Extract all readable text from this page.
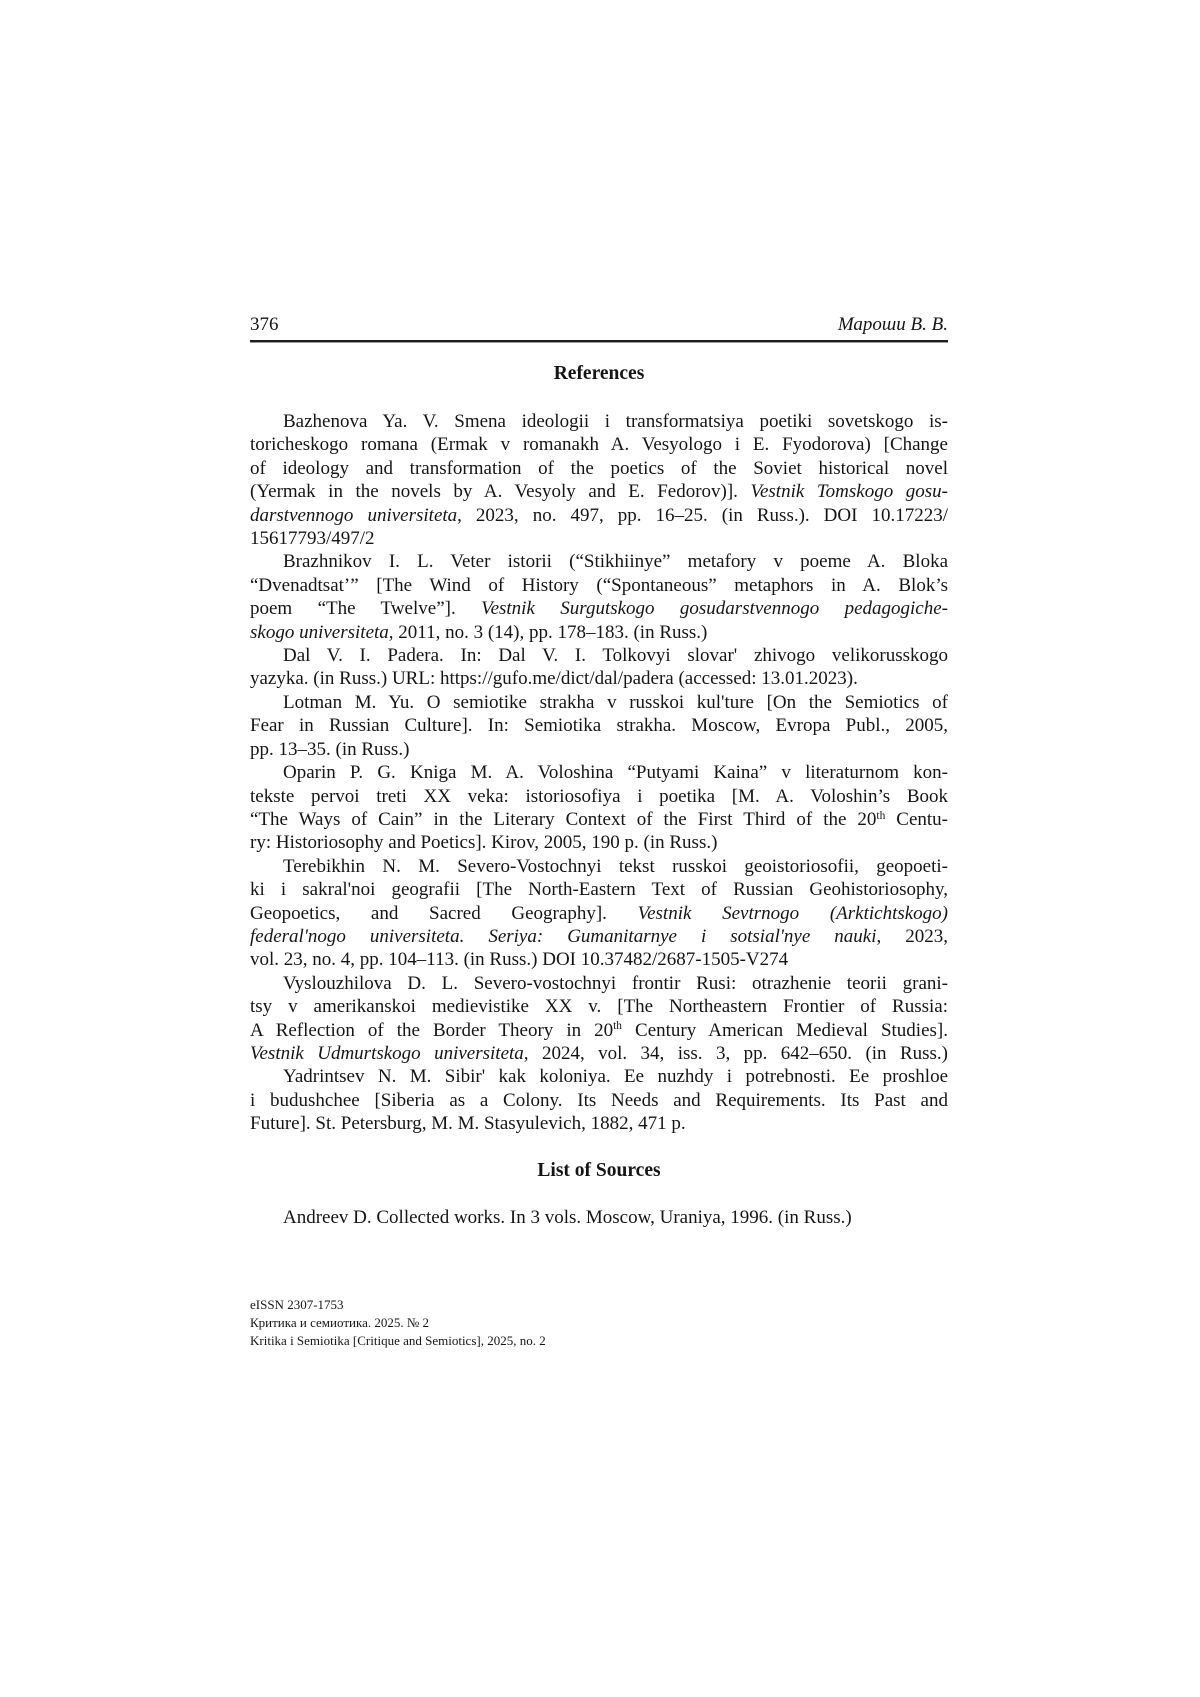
376	Мароши В. В.
References
Bazhenova Ya. V. Smena ideologii i transformatsiya poetiki sovetskogo is-
toricheskogo romana (Ermak v romanakh A. Vesyologo i E. Fyodorova) [Change
of ideology and transformation of the poetics of the Soviet historical novel
(Yermak in the novels by A. Vesyoly and E. Fedorov)]. Vestnik Tomskogo gosu-
darstvennogo universiteta, 2023, no. 497, pp. 16–25. (in Russ.). DOI 10.17223/
15617793/497/2
Brazhnikov I. L. Veter istorii (“Stikhiinye” metafory v poeme A. Bloka
“Dvenadtsat’” [The Wind of History (“Spontaneous” metaphors in A. Blok’s
poem “The Twelve”]. Vestnik Surgutskogo gosudarstvennogo pedagogiche-
skogo universiteta, 2011, no. 3 (14), pp. 178–183. (in Russ.)
Dal V. I. Padera. In: Dal V. I. Tolkovyi slovar' zhivogo velikorusskogo
yazyka. (in Russ.) URL: https://gufo.me/dict/dal/padera (accessed: 13.01.2023).
Lotman M. Yu. O semiotike strakha v russkoi kul'ture [On the Semiotics of
Fear in Russian Culture]. In: Semiotika strakha. Moscow, Evropa Publ., 2005,
pp. 13–35. (in Russ.)
Oparin P. G. Kniga M. A. Voloshina “Putyami Kaina” v literaturnom kon-
tekste pervoi treti XX veka: istoriosofiya i poetika [M. A. Voloshin’s Book
“The Ways of Cain” in the Literary Context of the First Third of the 20th Centu-
ry: Historiosophy and Poetics]. Kirov, 2005, 190 p. (in Russ.)
Terebikhin N. M. Severo-Vostochnyi tekst russkoi geoistoriosofii, geopoeti-
ki i sakral'noi geografii [The North-Eastern Text of Russian Geohistoriosophy,
Geopoetics, and Sacred Geography]. Vestnik Sevtrnogo (Arktichtskogo)
federal'nogo universiteta. Seriya: Gumanitarnye i sotsial'nye nauki, 2023,
vol. 23, no. 4, pp. 104–113. (in Russ.) DOI 10.37482/2687-1505-V274
Vyslouzhilova D. L. Severo-vostochnyi frontir Rusi: otrazhenie teorii grani-
tsy v amerikanskoi medievistike XX v. [The Northeastern Frontier of Russia:
A Reflection of the Border Theory in 20th Century American Medieval Studies].
Vestnik Udmurtskogo universiteta, 2024, vol. 34, iss. 3, pp. 642–650. (in Russ.)
Yadrintsev N. M. Sibir' kak koloniya. Ee nuzhdy i potrebnosti. Ee proshloe
i budushchee [Siberia as a Colony. Its Needs and Requirements. Its Past and
Future]. St. Petersburg, M. M. Stasyulevich, 1882, 471 p.
List of Sources
Andreev D. Collected works. In 3 vols. Moscow, Uraniya, 1996. (in Russ.)
eISSN 2307-1753
Критика и семиотика. 2025. № 2
Kritika i Semiotika [Critique and Semiotics], 2025, no. 2
